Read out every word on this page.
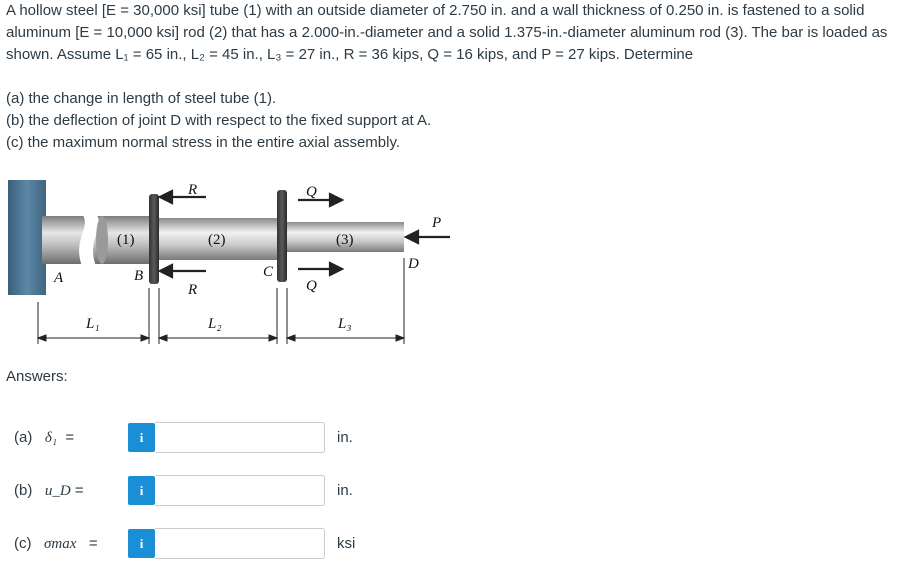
A hollow steel [E = 30,000 ksi] tube (1) with an outside diameter of 2.750 in. and a wall thickness of 0.250 in. is fastened to a solid

aluminum [E = 10,000 ksi] rod (2) that has a 2.000-in.-diameter and a solid 1.375-in.-diameter aluminum rod (3). The bar is loaded as

shown. Assume L₁ = 65 in., L₂ = 45 in., L₃ = 27 in., R = 36 kips, Q = 16 kips, and P = 27 kips. Determine

(a) the change in length of steel tube (1).
(b) the deflection of joint D with respect to the fixed support at A.
(c) the maximum normal stress in the entire axial assembly.
R
R
Q
Q
P
(1)	(2)	(3)
A	B	C	D
L₁	L₂	L₃
Answers:
(a) δ₁ =	i	in.
(b) u_D =	i	in.
(c) σmax =	i	ksi
